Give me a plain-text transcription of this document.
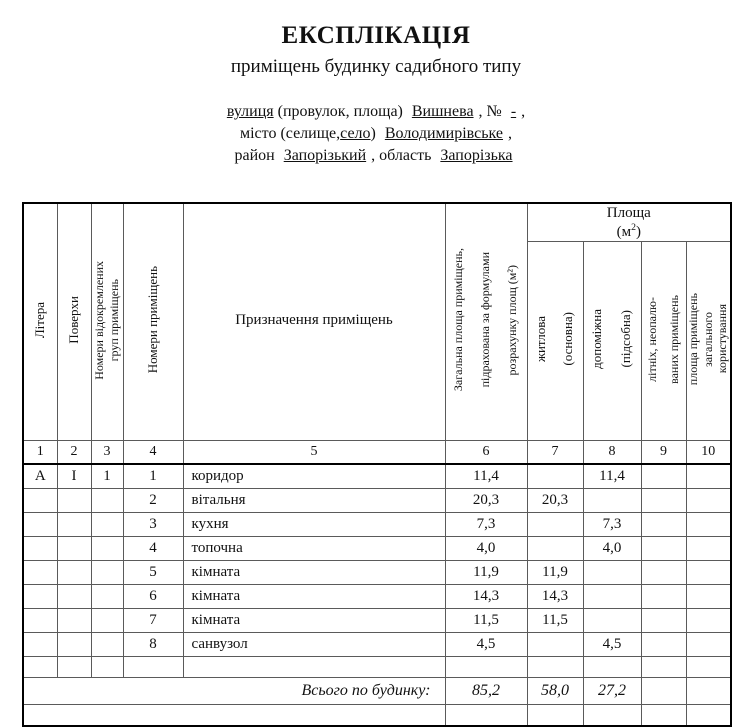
ЕКСПЛІКАЦІЯ
приміщень будинку садибного типу
вулиця (провулок, площа) Вишнева , № - ,
місто (селище,село) Володимирівське ,
район Запорізький , область Запорізька
Літера	Поверхи	Номери відокремлених груп приміщень	Номери приміщень	Призначення приміщень	Загальна площа приміщень, підрахована за формулами розрахунку площ (м²)

Площа
$(м^2)$

						житлова (основна)	допоміжна (підсобна)	літніх, неопалю- ваних приміщень	площа приміщень загального користування

1	2	3	4	5	6	7	8	9	10
А	I	1	1	коридор	11,4		11,4		
			2	вітальня	20,3	20,3			
			3	кухня	7,3		7,3		
			4	топочна	4,0		4,0		
			5	кімната	11,9	11,9			
			6	кімната	14,3	14,3			
			7	кімната	11,5	11,5			
			8	санвузол	4,5		4,5		

Всього по будинку:					85,2	58,0	27,2		
